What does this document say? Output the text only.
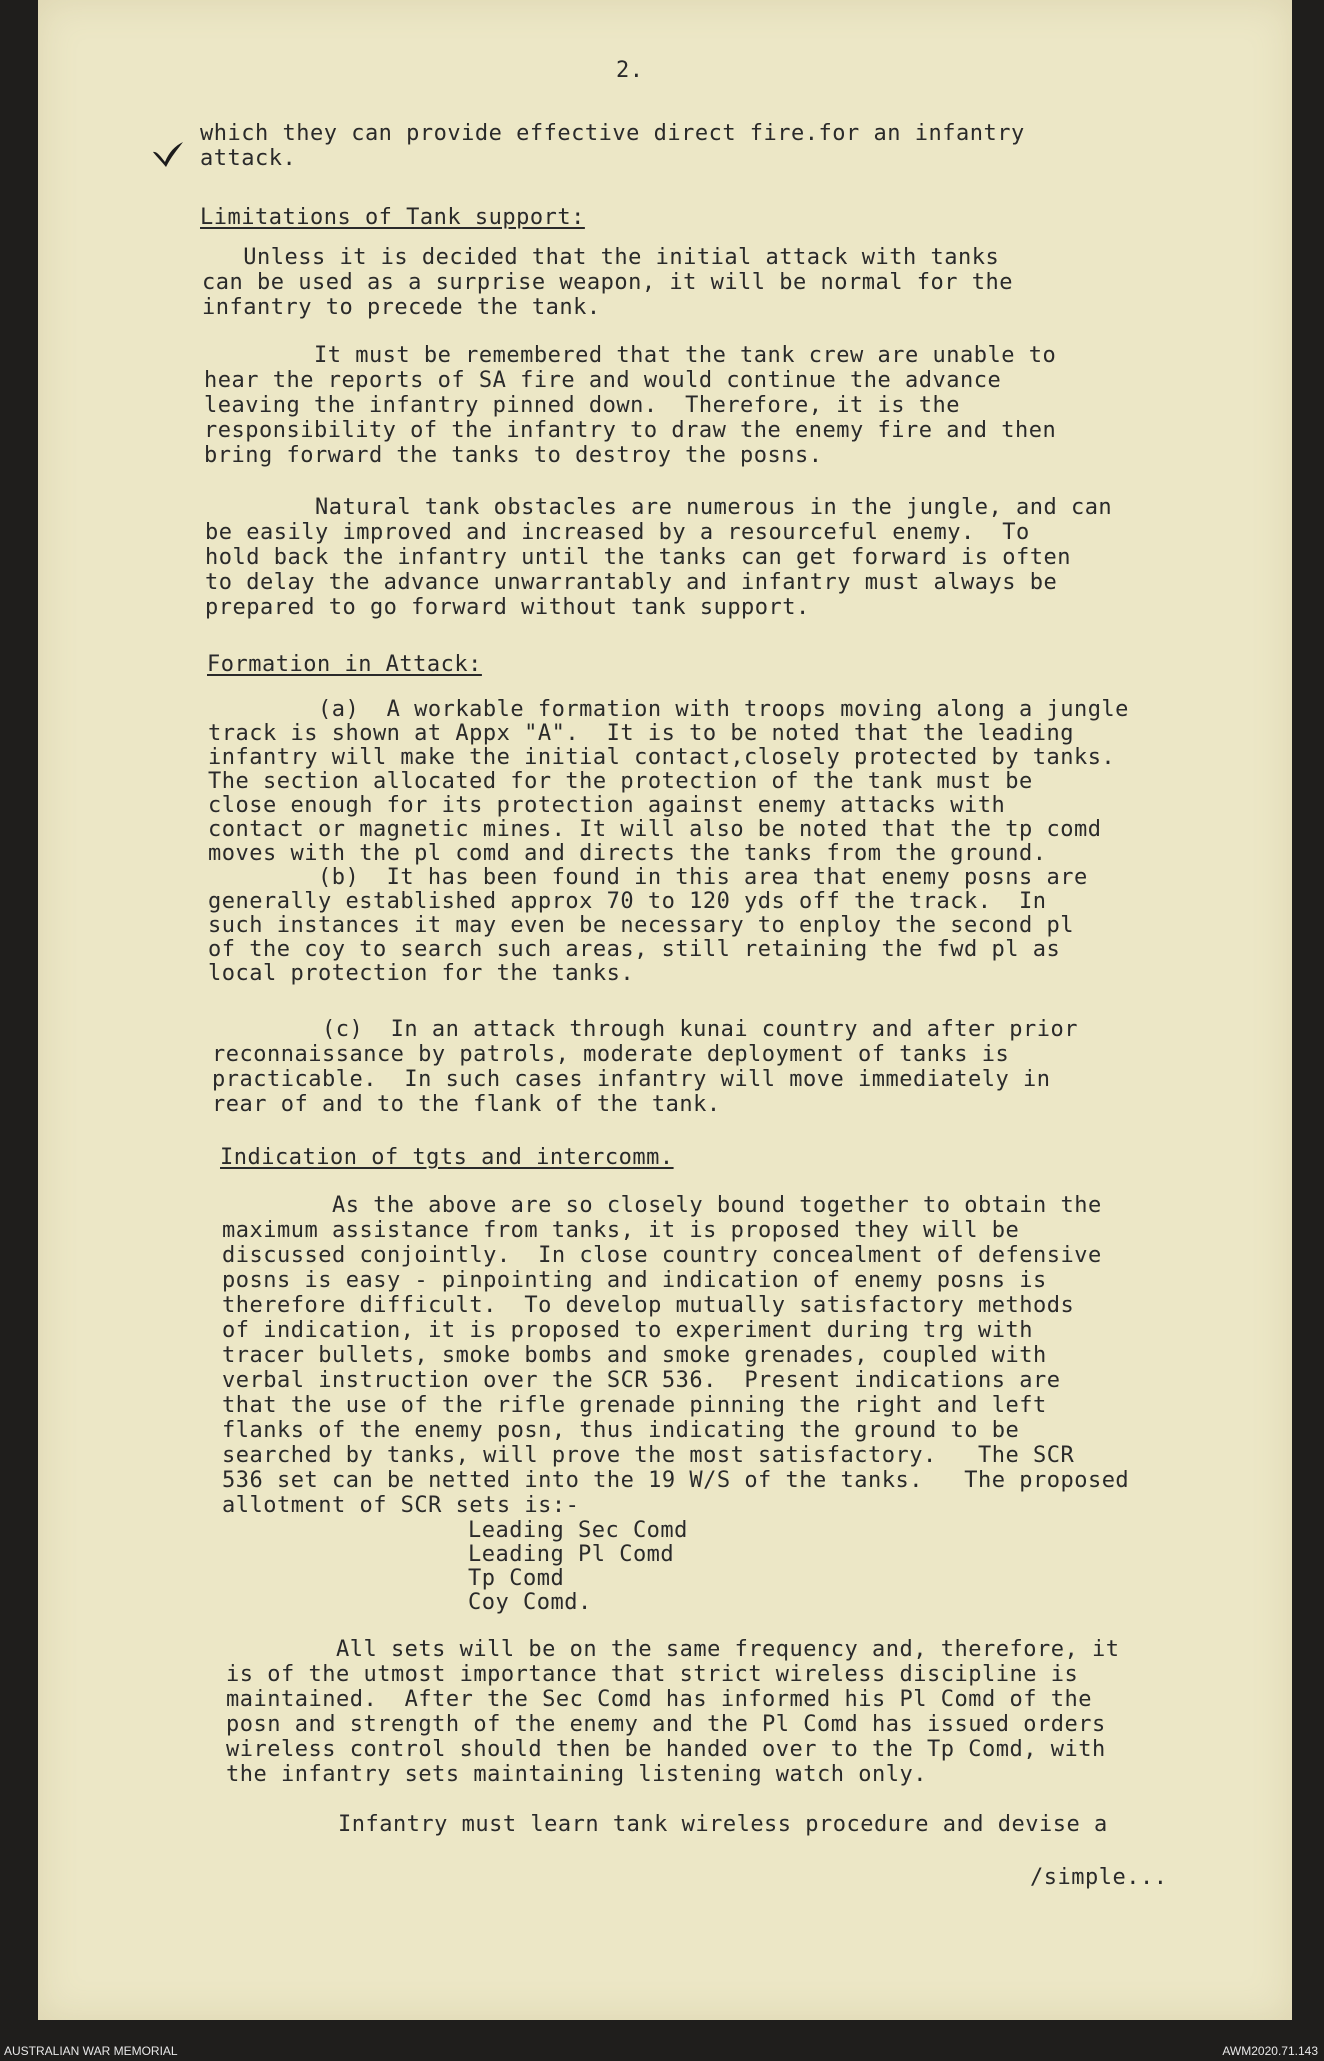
2.
which they can provide effective direct fire.for an infantry
attack.
Limitations of Tank support:
Unless it is decided that the initial attack with tanks
can be used as a surprise weapon, it will be normal for the
infantry to precede the tank.
It must be remembered that the tank crew are unable to
hear the reports of SA fire and would continue the advance
leaving the infantry pinned down.  Therefore, it is the
responsibility of the infantry to draw the enemy fire and then
bring forward the tanks to destroy the posns.
Natural tank obstacles are numerous in the jungle, and can
be easily improved and increased by a resourceful enemy.  To
hold back the infantry until the tanks can get forward is often
to delay the advance unwarrantably and infantry must always be
prepared to go forward without tank support.
Formation in Attack:
(a)  A workable formation with troops moving along a jungle
track is shown at Appx "A".  It is to be noted that the leading
infantry will make the initial contact,closely protected by tanks.
The section allocated for the protection of the tank must be
close enough for its protection against enemy attacks with
contact or magnetic mines. It will also be noted that the tp comd
moves with the pl comd and directs the tanks from the ground.
(b)  It has been found in this area that enemy posns are
generally established approx 70 to 120 yds off the track.  In
such instances it may even be necessary to enploy the second pl
of the coy to search such areas, still retaining the fwd pl as
local protection for the tanks.
(c)  In an attack through kunai country and after prior
reconnaissance by patrols, moderate deployment of tanks is
practicable.  In such cases infantry will move immediately in
rear of and to the flank of the tank.
Indication of tgts and intercomm.
As the above are so closely bound together to obtain the
maximum assistance from tanks, it is proposed they will be
discussed conjointly.  In close country concealment of defensive
posns is easy - pinpointing and indication of enemy posns is
therefore difficult.  To develop mutually satisfactory methods
of indication, it is proposed to experiment during trg with
tracer bullets, smoke bombs and smoke grenades, coupled with
verbal instruction over the SCR 536.  Present indications are
that the use of the rifle grenade pinning the right and left
flanks of the enemy posn, thus indicating the ground to be
searched by tanks, will prove the most satisfactory.   The SCR
536 set can be netted into the 19 W/S of the tanks.   The proposed
allotment of SCR sets is:-
Leading Sec Comd
Leading Pl Comd
Tp Comd
Coy Comd.
All sets will be on the same frequency and, therefore, it
is of the utmost importance that strict wireless discipline is
maintained.  After the Sec Comd has informed his Pl Comd of the
posn and strength of the enemy and the Pl Comd has issued orders
wireless control should then be handed over to the Tp Comd, with
the infantry sets maintaining listening watch only.
Infantry must learn tank wireless procedure and devise a
/simple...
AUSTRALIAN WAR MEMORIAL	AWM2020.71.143
